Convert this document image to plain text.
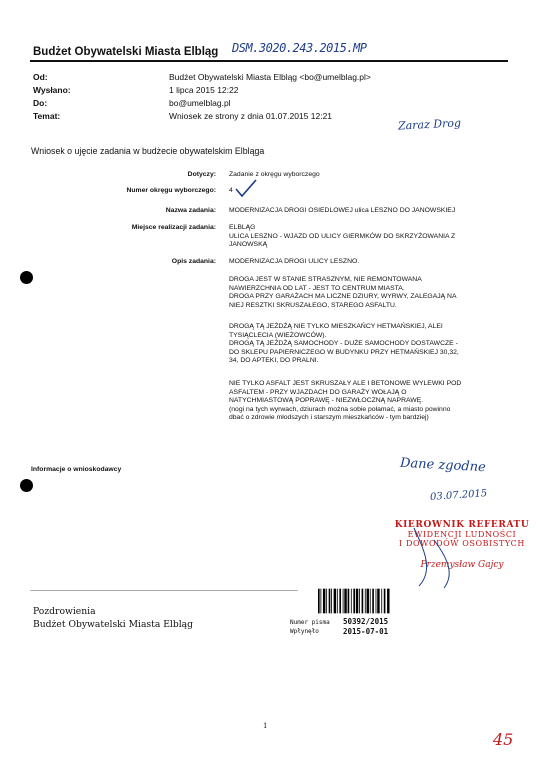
Budżet Obywatelski Miasta Elbląg DSM.3020.243.2015.MP
Od:	Budżet Obywatelski Miasta Elbląg <bo@umelblag.pl>
Wysłano:	1 lipca 2015 12:22
Do:	bo@umelblag.pl
Temat:	Wniosek ze strony z dnia 01.07.2015 12:21
Zaraz Drog
Wniosek o ujęcie zadania w budżecie obywatelskim Elbląga
Dotyczy: Zadanie z okręgu wyborczego
Numer okręgu wyborczego: 4
Nazwa zadania: MODERNIZACJA DROGI OSIEDLOWEJ ulica LESZNO DO JANOWSKIEJ
Miejsce realizacji zadania: ELBLĄG
ULICA LESZNO - WJAZD OD ULICY GIERMKÓW DO SKRZYŻOWANIA Z
JANOWSKĄ
Opis zadania: MODERNIZACJA DROGI ULICY LESZNO.
DROGA JEST W STANIE STRASZNYM, NIE REMONTOWANA
NAWIERZCHNIA OD LAT - JEST TO CENTRUM MIASTA.
DROGA PRZY GARAŻACH MA LICZNE DZIURY, WYRWY, ZALEGAJĄ NA
NIEJ RESZTKI SKRUSZAŁEGO, STAREGO ASFALTU.
DROGĄ TĄ JEŻDŻĄ NIE TYLKO MIESZKAŃCY HETMAŃSKIEJ, ALEI
TYSIĄCLECIA (WIEŻOWCÓW).
DROGĄ TĄ JEŻDŻĄ SAMOCHODY - DUŻE SAMOCHODY DOSTAWCZE -
DO SKLEPU PAPIERNICZEGO W BUDYNKU PRZY HETMAŃSKIEJ 30,32,
34, DO APTEKI, DO PRALNI.
NIE TYLKO ASFALT JEST SKRUSZAŁY ALE I BETONOWE WYLEWKI POD
ASFALTEM - PRZY WJAZDACH DO GARAŻY WOŁAJĄ O
NATYCHMIASTOWĄ POPRAWĘ - NIEZWŁOCZNĄ NAPRAWĘ.
(nogi na tych wyrwach, dziurach można sobie połamać, a miasto powinno
dbać o zdrowie młodszych i starszym mieszkańców - tym bardziej)
Informacje o wnioskodawcy	Dane zgodne
03.07.2015
KIEROWNIK REFERATU
EWIDENCJI LUDNOŚCI
I DOWODÓW OSOBISTYCH
Przemysław Gajcy
Pozdrowienia
Budżet Obywatelski Miasta Elbląg	Numer pisma 50392/2015
Wpłynęło	2015-07-01
1
45
